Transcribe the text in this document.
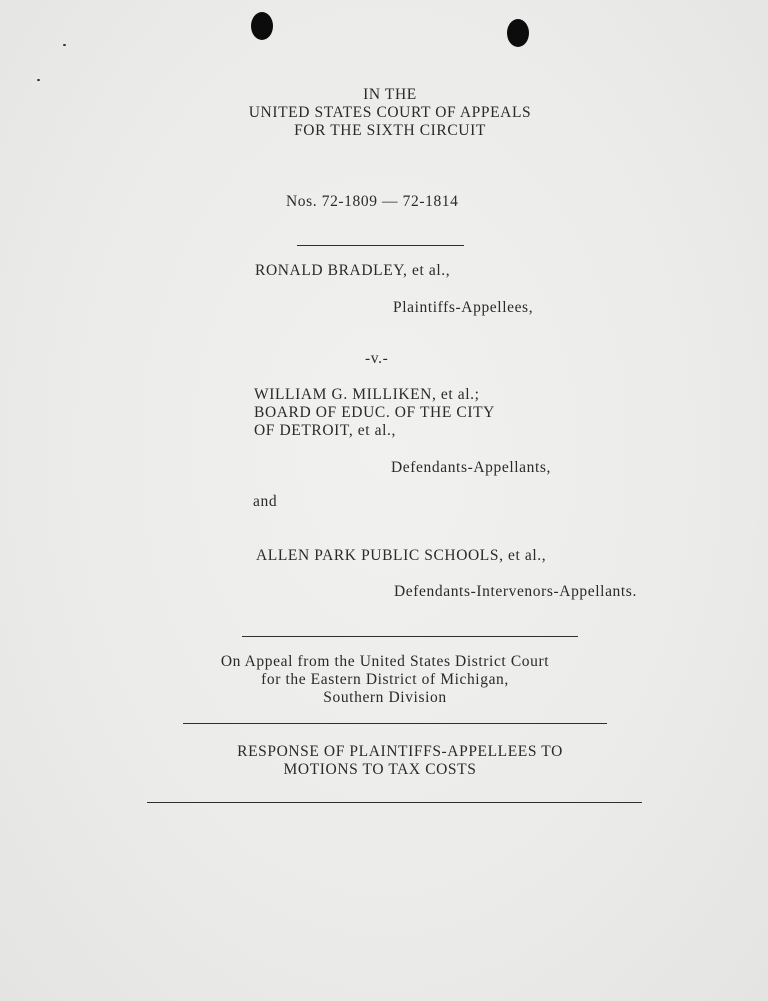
IN THE
UNITED STATES COURT OF APPEALS
FOR THE SIXTH CIRCUIT
Nos. 72-1809 — 72-1814
RONALD BRADLEY, et al.,
Plaintiffs-Appellees,
-v.-
WILLIAM G. MILLIKEN, et al.;
BOARD OF EDUC. OF THE CITY
OF DETROIT, et al.,
Defendants-Appellants,
and
ALLEN PARK PUBLIC SCHOOLS, et al.,
Defendants-Intervenors-Appellants.
On Appeal from the United States District Court
for the Eastern District of Michigan,
Southern Division
RESPONSE OF PLAINTIFFS-APPELLEES TO
MOTIONS TO TAX COSTS
